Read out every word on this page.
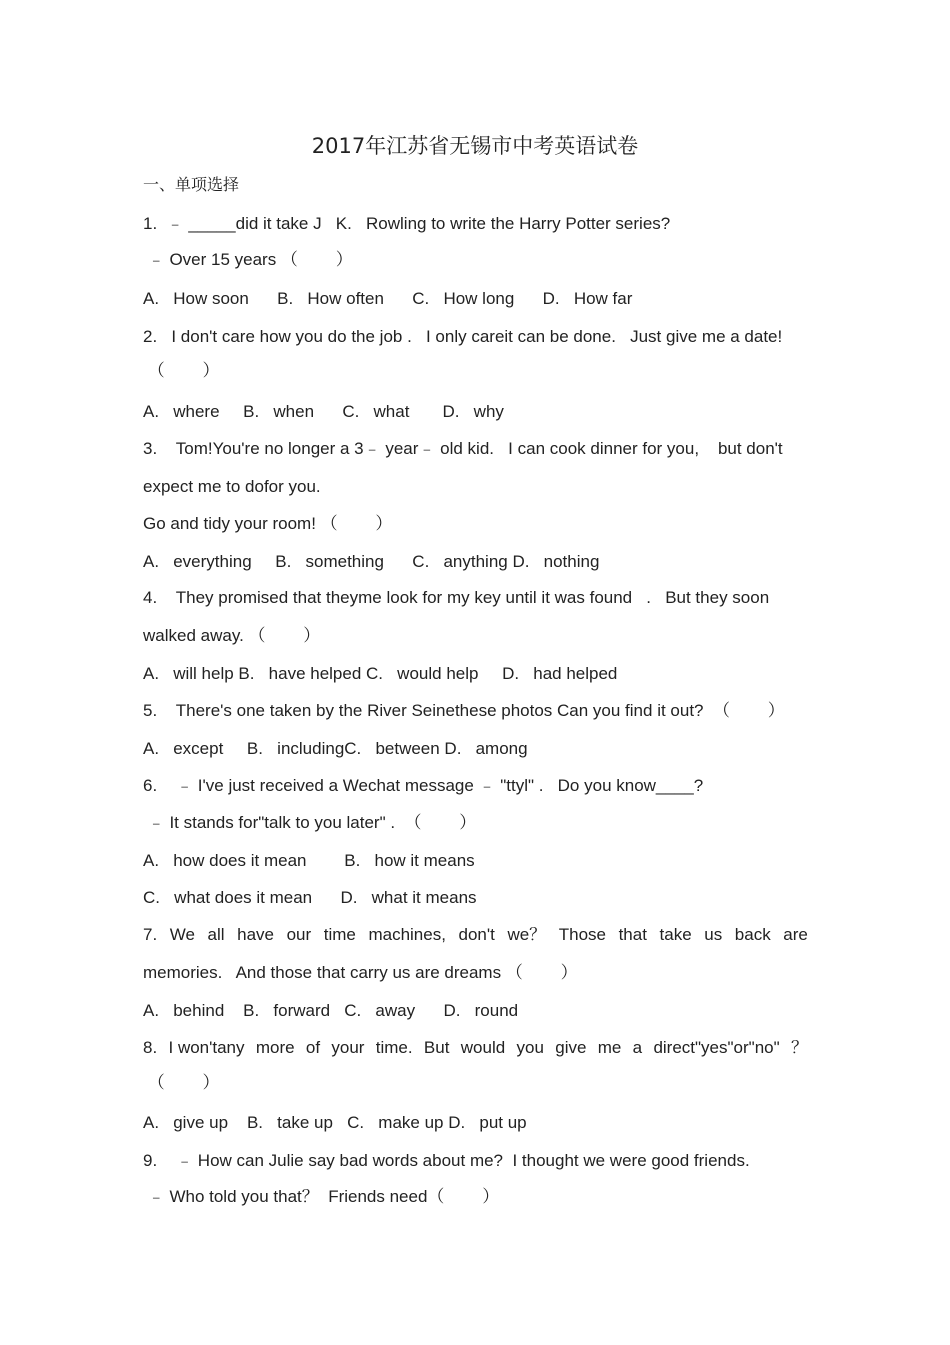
2017年江苏省无锡市中考英语试卷
一、单项选择
1.  ﹣ _____did it take J   K.   Rowling to write the Harry Potter series?
﹣ Over 15 years （        ）
A.   How soon      B.   How often      C.   How long      D.   How far
2.   I don't care how you do the job .   I only careit can be done.   Just give me a date!
（        ）
A.   where     B.   when      C.   what       D.   why
3.    Tom!You're no longer a 3﹣ year﹣ old kid.   I can cook dinner for you,    but don't
expect me to dofor you.
Go and tidy your room! （        ）
A.   everything     B.   something      C.   anything D.   nothing
4.    They promised that theyme look for my key until it was found   .   But they soon
walked away. （        ）
A.   will help B.   have helped C.   would help     D.   had helped
5.    There's one taken by the River Seinethese photos Can you find it out?  （        ）
A.   except     B.   includingC.   between D.   among
6.    ﹣ I've just received a Wechat message ﹣ "ttyl" .   Do you know____?
﹣ It stands for"talk to you later" .  （        ）
A.   how does it mean        B.   how it means
C.   what does it mean      D.   what it means
7. We all have our time machines, don't we？ Those that take us back are
memories.   And those that carry us are dreams （        ）
A.   behind    B.   forward   C.   away      D.   round
8. I won'tany more of your time. But would you give me a direct"yes"or"no" ？
（        ）
A.   give up    B.   take up   C.   make up D.   put up
9.    ﹣ How can Julie say bad words about me?  I thought we were good friends.
﹣ Who told you that？  Friends need（        ）
